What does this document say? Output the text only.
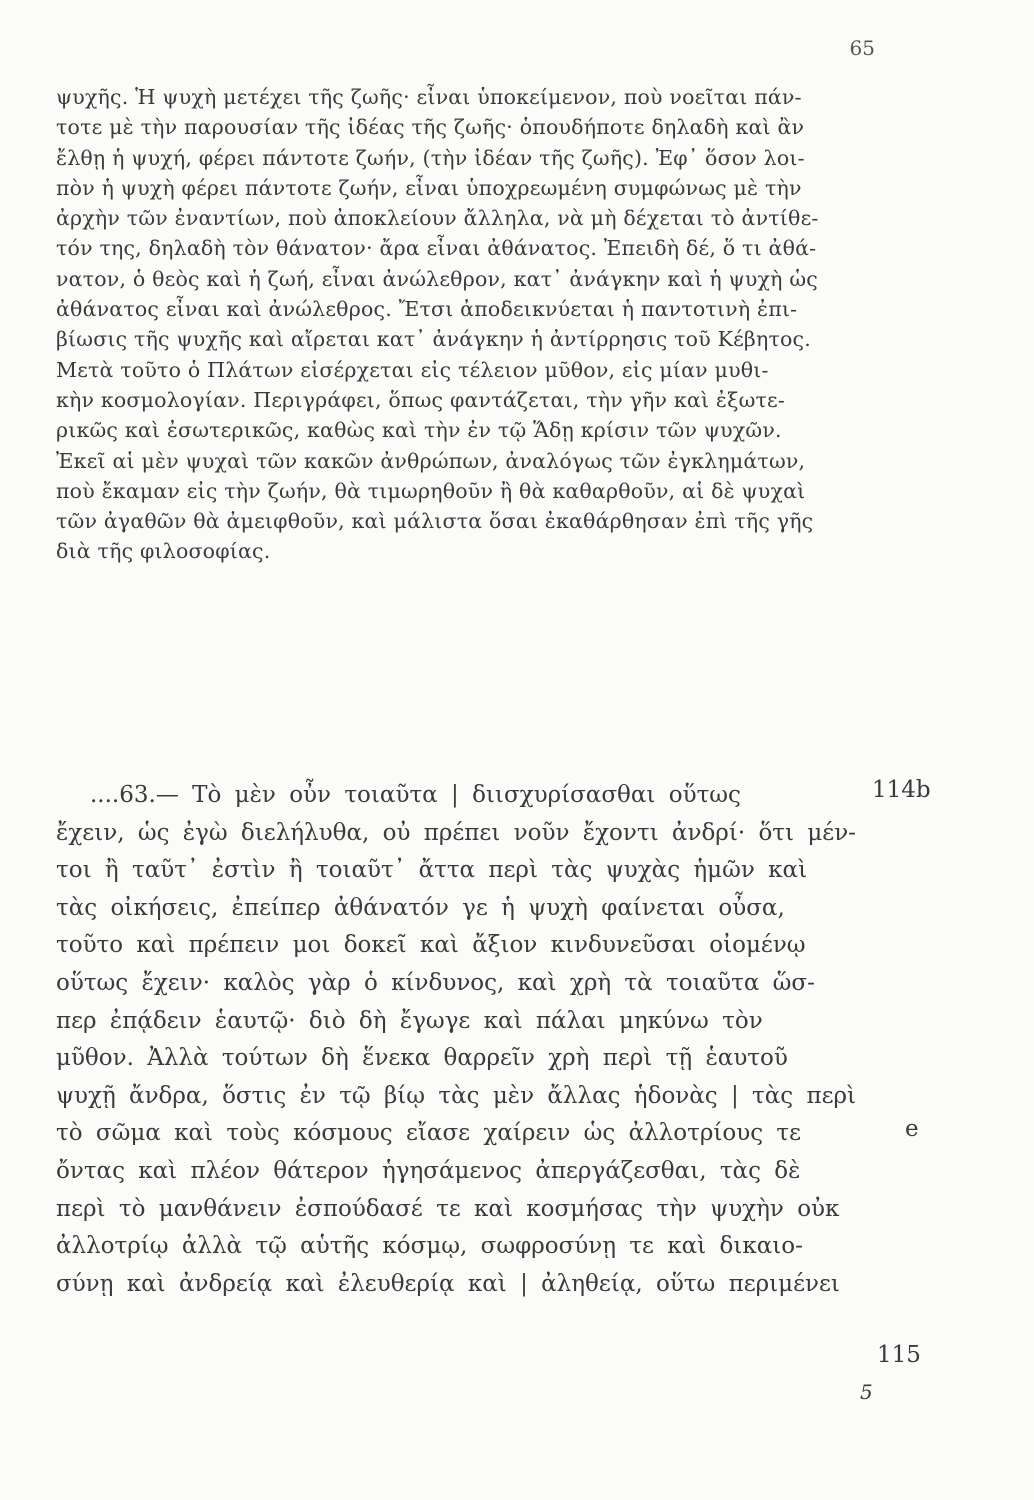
65
ψυχῆς. Ἡ ψυχὴ μετέχει τῆς ζωῆς· εἶναι ὑποκείμενον, ποὺ νοεῖται πάν-
τοτε μὲ τὴν παρουσίαν τῆς ἰδέας τῆς ζωῆς· ὁπουδήποτε δηλαδὴ καὶ ἂν
ἔλθῃ ἡ ψυχή, φέρει πάντοτε ζωήν, (τὴν ἰδέαν τῆς ζωῆς). Ἐφ᾿ ὅσον λοι-
πὸν ἡ ψυχὴ φέρει πάντοτε ζωήν, εἶναι ὑποχρεωμένη συμφώνως μὲ τὴν
ἀρχὴν τῶν ἐναντίων, ποὺ ἀποκλείουν ἄλληλα, νὰ μὴ δέχεται τὸ ἀντίθε-
τόν της, δηλαδὴ τὸν θάνατον· ἄρα εἶναι ἀθάνατος. Ἐπειδὴ δέ, ὅ τι ἀθά-
νατον, ὁ θεὸς καὶ ἡ ζωή, εἶναι ἀνώλεθρον, κατ᾿ ἀνάγκην καὶ ἡ ψυχὴ ὡς
ἀθάνατος εἶναι καὶ ἀνώλεθρος. Ἔτσι ἀποδεικνύεται ἡ παντοτινὴ ἐπι-
βίωσις τῆς ψυχῆς καὶ αἴρεται κατ᾿ ἀνάγκην ἡ ἀντίρρησις τοῦ Κέβητος.
Μετὰ τοῦτο ὁ Πλάτων εἰσέρχεται εἰς τέλειον μῦθον, εἰς μίαν μυθι-
κὴν κοσμολογίαν. Περιγράφει, ὅπως φαντάζεται, τὴν γῆν καὶ ἐξωτε-
ρικῶς καὶ ἐσωτερικῶς, καθὼς καὶ τὴν ἐν τῷ Ἅδῃ κρίσιν τῶν ψυχῶν.
Ἐκεῖ αἱ μὲν ψυχαὶ τῶν κακῶν ἀνθρώπων, ἀναλόγως τῶν ἐγκλημάτων,
ποὺ ἔκαμαν εἰς τὴν ζωήν, θὰ τιμωρηθοῦν ἢ θὰ καθαρθοῦν, αἱ δὲ ψυχαὶ
τῶν ἀγαθῶν θὰ ἀμειφθοῦν, καὶ μάλιστα ὅσαι ἐκαθάρθησαν ἐπὶ τῆς γῆς
διὰ τῆς φιλοσοφίας.
....63.— Τὸ μὲν οὖν τοιαῦτα | διισχυρίσασθαι οὕτως
ἔχειν, ὡς ἐγὼ διελήλυθα, οὐ πρέπει νοῦν ἔχοντι ἀνδρί· ὅτι μέν-
τοι ἢ ταῦτ᾿ ἐστὶν ἢ τοιαῦτ᾿ ἄττα περὶ τὰς ψυχὰς ἡμῶν καὶ
τὰς οἰκήσεις, ἐπείπερ ἀθάνατόν γε ἡ ψυχὴ φαίνεται οὖσα,
τοῦτο καὶ πρέπειν μοι δοκεῖ καὶ ἄξιον κινδυνεῦσαι οἰομένῳ
οὕτως ἔχειν· καλὸς γὰρ ὁ κίνδυνος, καὶ χρὴ τὰ τοιαῦτα ὥσ-
περ ἐπᾴδειν ἑαυτῷ· διὸ δὴ ἔγωγε καὶ πάλαι μηκύνω τὸν
μῦθον. Ἀλλὰ τούτων δὴ ἕνεκα θαρρεῖν χρὴ περὶ τῇ ἑαυτοῦ
ψυχῇ ἄνδρα, ὅστις ἐν τῷ βίῳ τὰς μὲν ἄλλας ἡδονὰς | τὰς περὶ
τὸ σῶμα καὶ τοὺς κόσμους εἴασε χαίρειν ὡς ἀλλοτρίους τε
ὄντας καὶ πλέον θάτερον ἡγησάμενος ἀπεργάζεσθαι, τὰς δὲ
περὶ τὸ μανθάνειν ἐσπούδασέ τε καὶ κοσμήσας τὴν ψυχὴν οὐκ
ἀλλοτρίῳ ἀλλὰ τῷ αὑτῆς κόσμῳ, σωφροσύνῃ τε καὶ δικαιο-
σύνῃ καὶ ἀνδρείᾳ καὶ ἐλευθερίᾳ καὶ | ἀληθείᾳ, οὕτω περιμένει
114b
e
115
5
